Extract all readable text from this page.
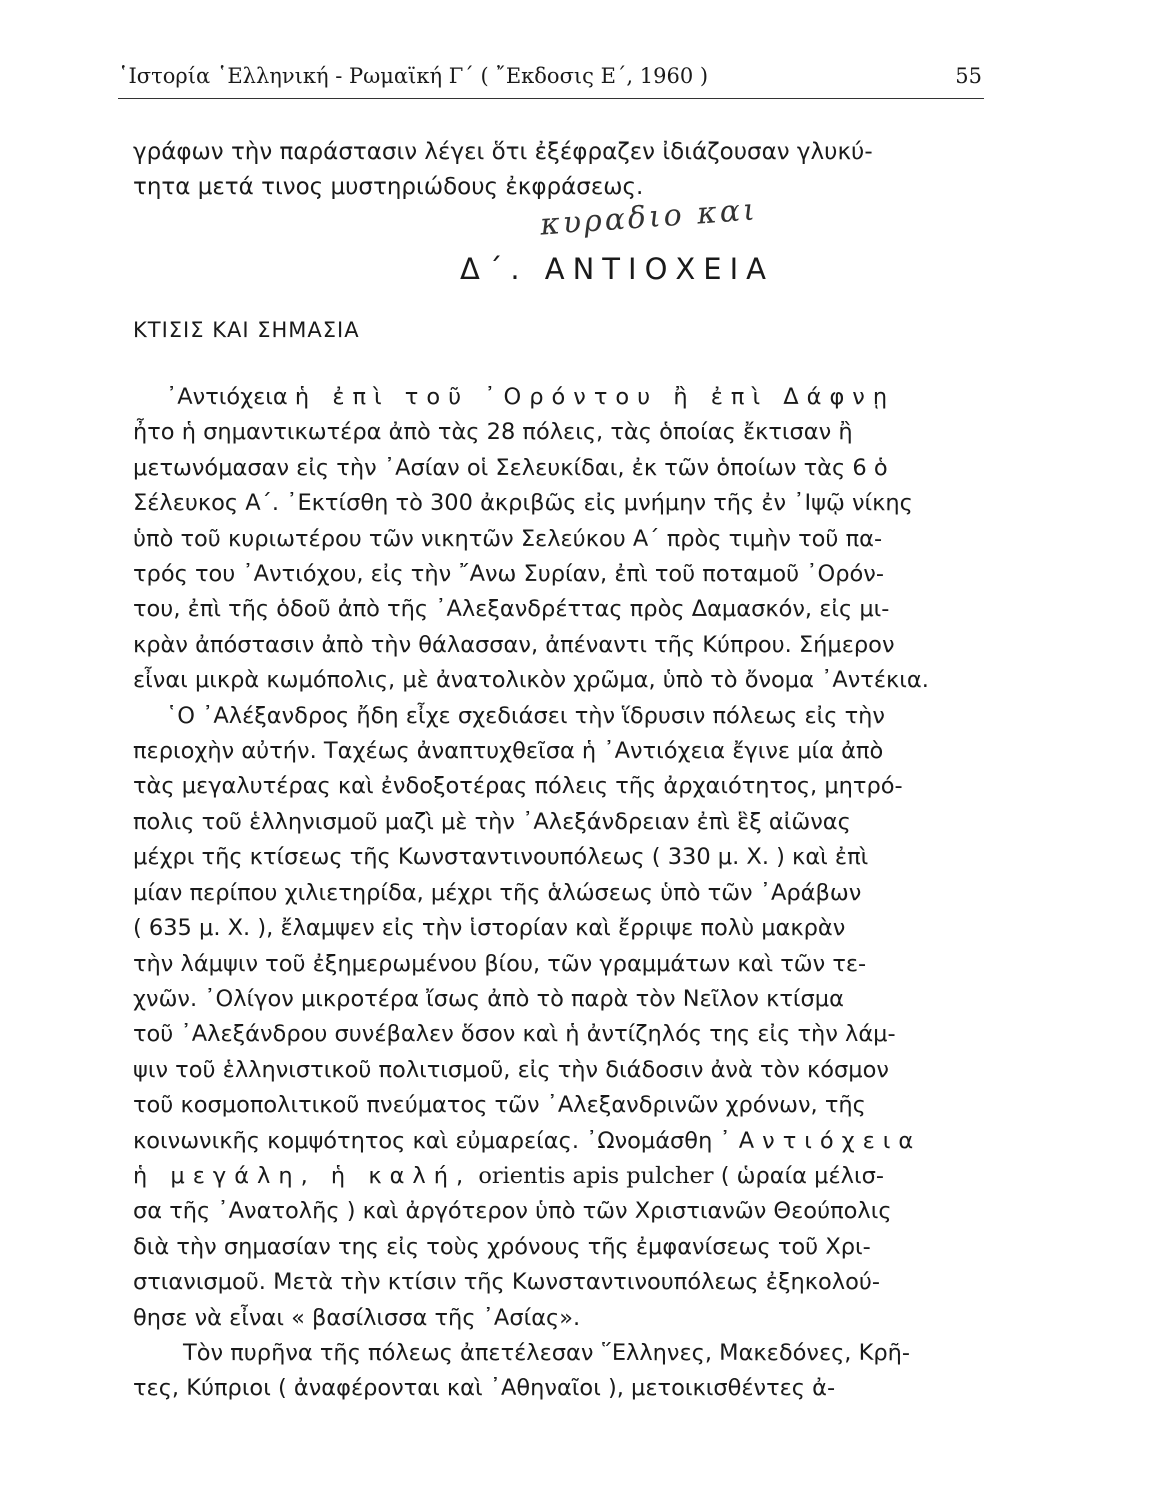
῾Ιστορία ῾Ελληνική - Ρωμαϊκή Γ΄ ( ῎Εκδοσις Ε΄, 1960 )	55
γράφων τὴν παράστασιν λέγει ὅτι ἐξέφραζεν ἰδιάζουσαν γλυκύ-
τητα μετά τινος μυστηριώδους ἐκφράσεως.
κυραδιο και
Δ΄. ΑΝΤΙΟΧΕΙΑ
ΚΤΙΣΙΣ ΚΑΙ ΣΗΜΑΣΙΑ
᾿Αντιόχεια ἡ ἐπὶ τοῦ ᾿Ορόντου ἢ ἐπὶ Δάφνῃ
ἦτο ἡ σημαντικωτέρα ἀπὸ τὰς 28 πόλεις, τὰς ὁποίας ἔκτισαν ἢ
μετωνόμασαν εἰς τὴν ᾿Ασίαν οἱ Σελευκίδαι, ἐκ τῶν ὁποίων τὰς 6 ὁ
Σέλευκος Α΄. ᾿Εκτίσθη τὸ 300 ἀκριβῶς εἰς μνήμην τῆς ἐν ᾿Ιψῷ νίκης
ὑπὸ τοῦ κυριωτέρου τῶν νικητῶν Σελεύκου Α΄ πρὸς τιμὴν τοῦ πα-
τρός του ᾿Αντιόχου, εἰς τὴν ῎Ανω Συρίαν, ἐπὶ τοῦ ποταμοῦ ᾿Ορόν-
του, ἐπὶ τῆς ὁδοῦ ἀπὸ τῆς ᾿Αλεξανδρέττας πρὸς Δαμασκόν, εἰς μι-
κρὰν ἀπόστασιν ἀπὸ τὴν θάλασσαν, ἀπέναντι τῆς Κύπρου. Σήμερον
εἶναι μικρὰ κωμόπολις, μὲ ἀνατολικὸν χρῶμα, ὑπὸ τὸ ὄνομα ᾿Αντέκια.
῾Ο ᾿Αλέξανδρος ἤδη εἶχε σχεδιάσει τὴν ἵδρυσιν πόλεως εἰς τὴν
περιοχὴν αὐτήν. Ταχέως ἀναπτυχθεῖσα ἡ ᾿Αντιόχεια ἔγινε μία ἀπὸ
τὰς μεγαλυτέρας καὶ ἐνδοξοτέρας πόλεις τῆς ἀρχαιότητος, μητρό-
πολις τοῦ ἑλληνισμοῦ μαζὶ μὲ τὴν ᾿Αλεξάνδρειαν ἐπὶ ἓξ αἰῶνας
μέχρι τῆς κτίσεως τῆς Κωνσταντινουπόλεως ( 330 μ. Χ. ) καὶ ἐπὶ
μίαν περίπου χιλιετηρίδα, μέχρι τῆς ἁλώσεως ὑπὸ τῶν ᾿Αράβων
( 635 μ. Χ. ), ἔλαμψεν εἰς τὴν ἱστορίαν καὶ ἔρριψε πολὺ μακρὰν
τὴν λάμψιν τοῦ ἐξημερωμένου βίου, τῶν γραμμάτων καὶ τῶν τε-
χνῶν. ᾿Ολίγον μικροτέρα ἴσως ἀπὸ τὸ παρὰ τὸν Νεῖλον κτίσμα
τοῦ ᾿Αλεξάνδρου συνέβαλεν ὅσον καὶ ἡ ἀντίζηλός της εἰς τὴν λάμ-
ψιν τοῦ ἑλληνιστικοῦ πολιτισμοῦ, εἰς τὴν διάδοσιν ἀνὰ τὸν κόσμον
τοῦ κοσμοπολιτικοῦ πνεύματος τῶν ᾿Αλεξανδρινῶν χρόνων, τῆς
κοινωνικῆς κομψότητος καὶ εὐμαρείας. ᾿Ωνομάσθη ᾿Αντιόχεια
ἡ μεγάλη, ἡ καλή, orientis apis pulcher ( ὡραία μέλισ-
σα τῆς ᾿Ανατολῆς ) καὶ ἀργότερον ὑπὸ τῶν Χριστιανῶν Θεούπολις
διὰ τὴν σημασίαν της εἰς τοὺς χρόνους τῆς ἐμφανίσεως τοῦ Χρι-
στιανισμοῦ. Μετὰ τὴν κτίσιν τῆς Κωνσταντινουπόλεως ἐξηκολού-
θησε νὰ εἶναι « βασίλισσα τῆς ᾿Ασίας».
Τὸν πυρῆνα τῆς πόλεως ἀπετέλεσαν ῞Ελληνες, Μακεδόνες, Κρῆ-
τες, Κύπριοι ( ἀναφέρονται καὶ ᾿Αθηναῖοι ), μετοικισθέντες ἀ-
